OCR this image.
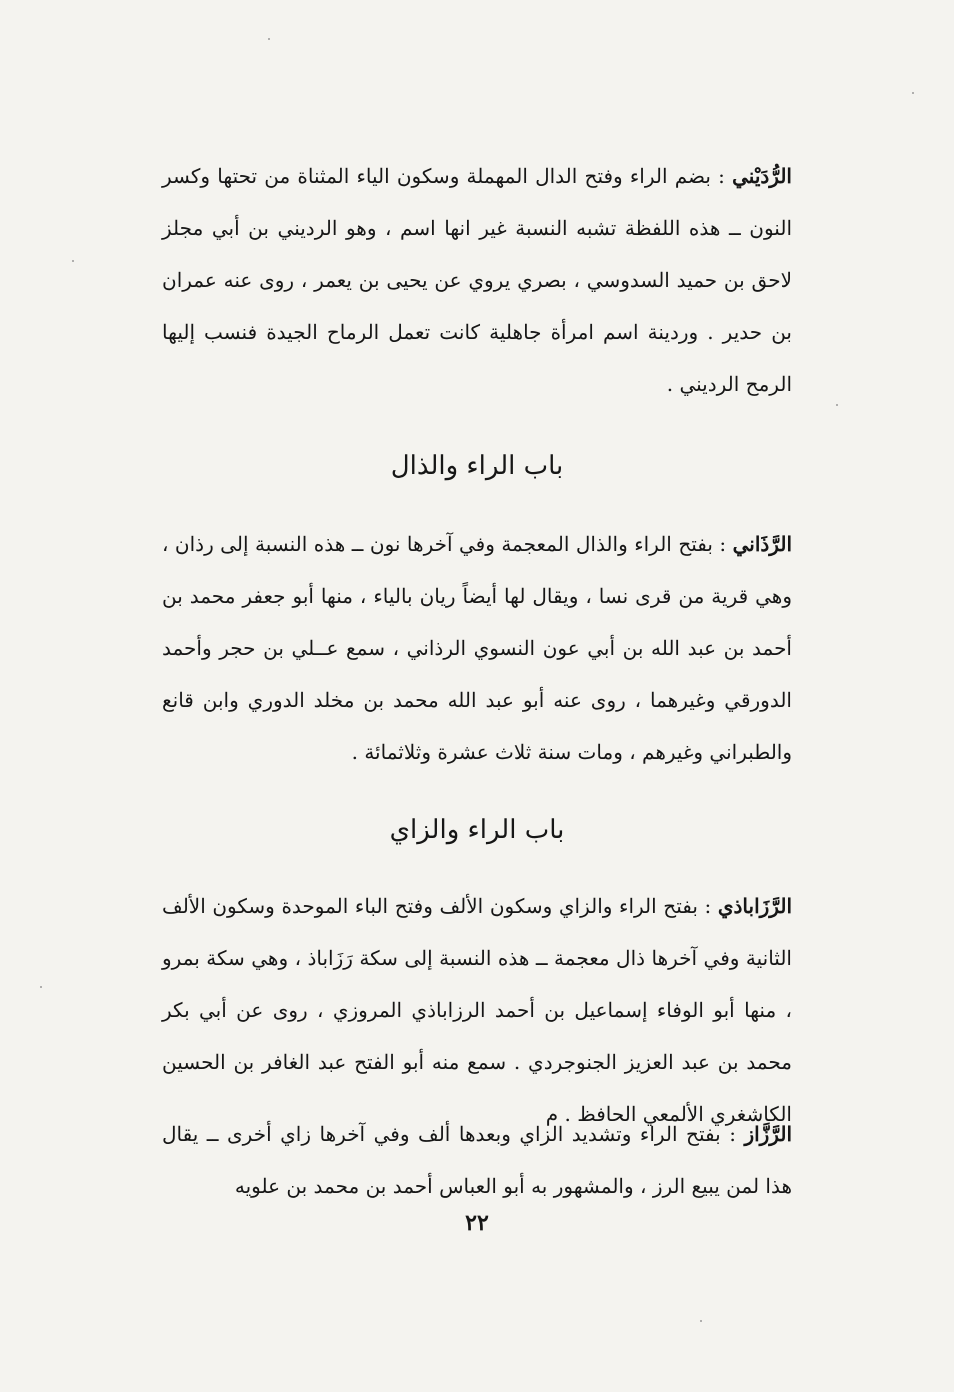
الرُّدَيْني : بضم الراء وفتح الدال المهملة وسكون الياء المثناة من تحتها وكسر النون ــ هذه اللفظة تشبه النسبة غير انها اسم ، وهو الرديني بن أبي مجلز لاحق بن حميد السدوسي ، بصري يروي عن يحيى بن يعمر ، روى عنه عمران بن حدير . وردينة اسم امرأة جاهلية كانت تعمل الرماح الجيدة فنسب إليها الرمح الرديني .

باب الراء والذال

الرَّذَاني : بفتح الراء والذال المعجمة وفي آخرها نون ــ هذه النسبة إلى رذان ، وهي قرية من قرى نسا ، ويقال لها أيضاً ريان بالياء ، منها أبو جعفر محمد بن أحمد بن عبد الله بن أبي عون النسوي الرذاني ، سمع عــلي بن حجر وأحمد الدورقي وغيرهما ، روى عنه أبو عبد الله محمد بن مخلد الدوري وابن قانع والطبراني وغيرهم ، ومات سنة ثلاث عشرة وثلاثمائة .

باب الراء والزاي

الرَّزَاباذي : بفتح الراء والزاي وسكون الألف وفتح الباء الموحدة وسكون الألف الثانية وفي آخرها ذال معجمة ــ هذه النسبة إلى سكة رَزَاباذ ، وهي سكة بمرو ، منها أبو الوفاء إسماعيل بن أحمد الرزاباذي المروزي ، روى عن أبي بكر محمد بن عبد العزيز الجنوجردي . سمع منه أبو الفتح عبد الغافر بن الحسين الكاشغري الألمعي الحافظ . م

الرَّزَّاز : بفتح الراء وتشديد الزاي وبعدها ألف وفي آخرها زاي أخرى ــ يقال هذا لمن يبيع الرز ، والمشهور به أبو العباس أحمد بن محمد بن علويه

٢٢
